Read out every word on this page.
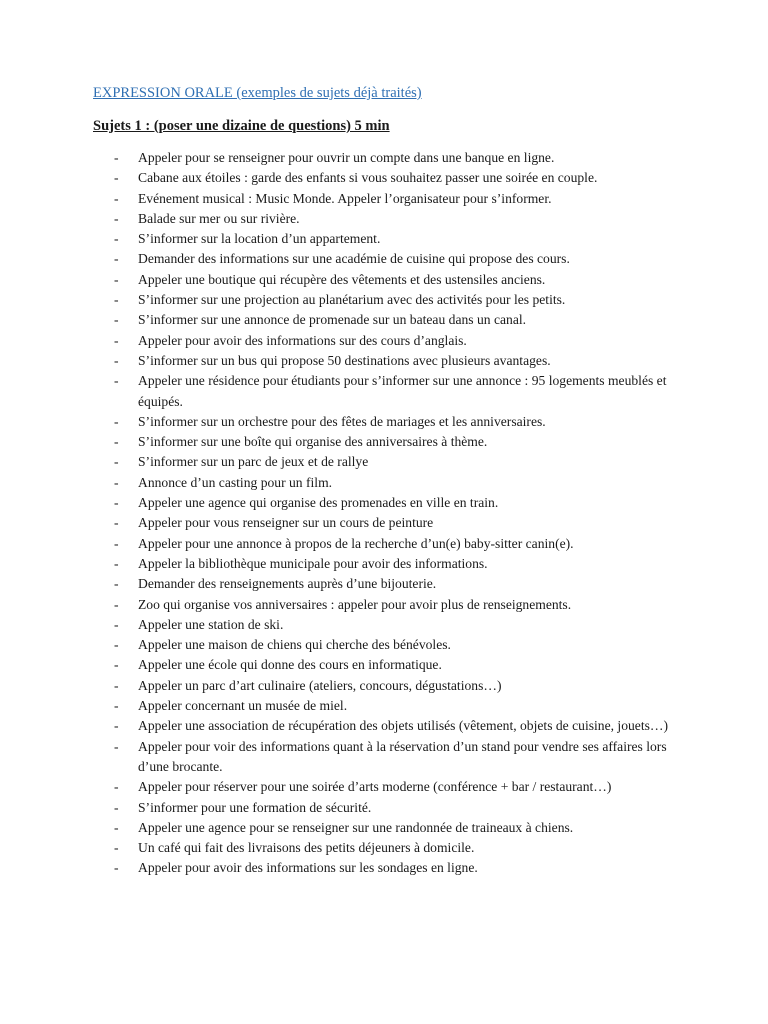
EXPRESSION ORALE (exemples de sujets déjà traités)
Sujets 1 : (poser une dizaine de questions) 5 min
- Appeler pour se renseigner pour ouvrir un compte dans une banque en ligne.
- Cabane aux étoiles : garde des enfants si vous souhaitez passer une soirée en couple.
- Evénement musical : Music Monde. Appeler l’organisateur pour s’informer.
- Balade sur mer ou sur rivière.
- S’informer sur la location d’un appartement.
- Demander des informations sur une académie de cuisine qui propose des cours.
- Appeler une boutique qui récupère des vêtements et des ustensiles anciens.
- S’informer sur une projection au planétarium avec des activités pour les petits.
- S’informer sur une annonce de promenade sur un bateau dans un canal.
- Appeler pour avoir des informations sur des cours d’anglais.
- S’informer sur un bus qui propose 50 destinations avec plusieurs avantages.
- Appeler une résidence pour étudiants pour s’informer sur une annonce : 95 logements meublés et équipés.
- S’informer sur un orchestre pour des fêtes de mariages et les anniversaires.
- S’informer sur une boîte qui organise des anniversaires à thème.
- S’informer sur un parc de jeux et de rallye
- Annonce d’un casting pour un film.
- Appeler une agence qui organise des promenades en ville en train.
- Appeler pour vous renseigner sur un cours de peinture
- Appeler pour une annonce à propos de la recherche d’un(e) baby-sitter canin(e).
- Appeler la bibliothèque municipale pour avoir des informations.
- Demander des renseignements auprès d’une bijouterie.
- Zoo qui organise vos anniversaires : appeler pour avoir plus de renseignements.
- Appeler une station de ski.
- Appeler une maison de chiens qui cherche des bénévoles.
- Appeler une école qui donne des cours en informatique.
- Appeler un parc d’art culinaire (ateliers, concours, dégustations…)
- Appeler concernant un musée de miel.
- Appeler une association de récupération des objets utilisés (vêtement, objets de cuisine, jouets…)
- Appeler pour voir des informations quant à la réservation d’un stand pour vendre ses affaires lors d’une brocante.
- Appeler pour réserver pour une soirée d’arts moderne (conférence + bar / restaurant…)
- S’informer pour une formation de sécurité.
- Appeler une agence pour se renseigner sur une randonnée de traineaux à chiens.
- Un café qui fait des livraisons des petits déjeuners à domicile.
- Appeler pour avoir des informations sur les sondages en ligne.
